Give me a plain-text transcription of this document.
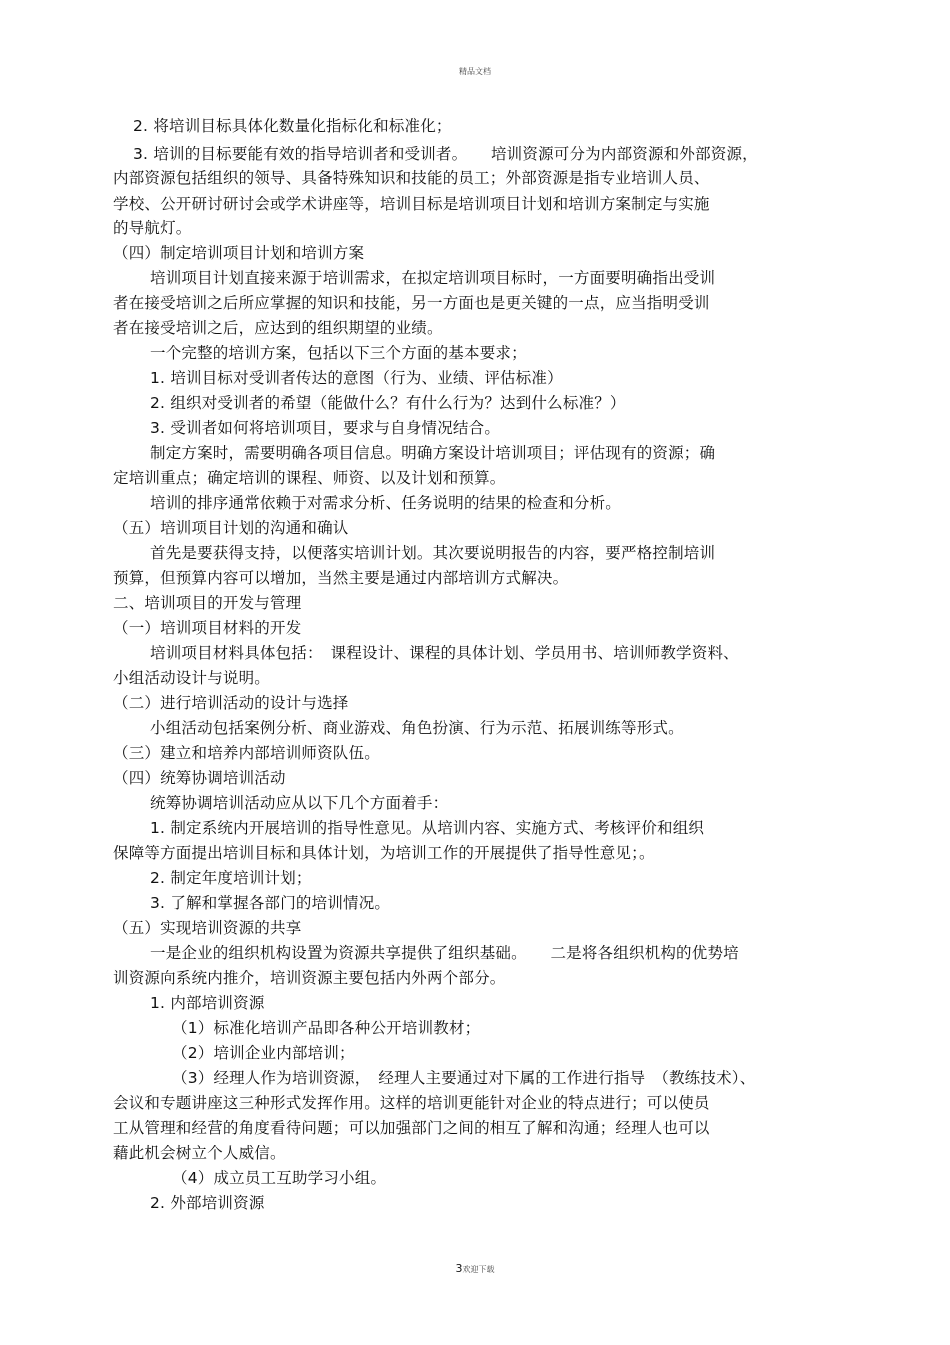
精品文档
2. 将培训目标具体化数量化指标化和标准化；
3. 培训的目标要能有效的指导培训者和受训者。　　培训资源可分为内部资源和外部资源，
内部资源包括组织的领导、具备特殊知识和技能的员工；外部资源是指专业培训人员、
学校、公开研讨研讨会或学术讲座等，培训目标是培训项目计划和培训方案制定与实施
的导航灯。
（四）制定培训项目计划和培训方案
培训项目计划直接来源于培训需求，在拟定培训项目标时，一方面要明确指出受训
者在接受培训之后所应掌握的知识和技能，另一方面也是更关键的一点，应当指明受训
者在接受培训之后，应达到的组织期望的业绩。
一个完整的培训方案，包括以下三个方面的基本要求；
1. 培训目标对受训者传达的意图（行为、业绩、评估标准）
2. 组织对受训者的希望（能做什么？有什么行为？达到什么标准？）
3. 受训者如何将培训项目，要求与自身情况结合。
制定方案时，需要明确各项目信息。明确方案设计培训项目；评估现有的资源；确
定培训重点；确定培训的课程、师资、以及计划和预算。
培训的排序通常依赖于对需求分析、任务说明的结果的检查和分析。
（五）培训项目计划的沟通和确认
首先是要获得支持，以便落实培训计划。其次要说明报告的内容，要严格控制培训
预算，但预算内容可以增加，当然主要是通过内部培训方式解决。
二、培训项目的开发与管理
（一）培训项目材料的开发
培训项目材料具体包括：　课程设计、课程的具体计划、学员用书、培训师教学资料、
小组活动设计与说明。
（二）进行培训活动的设计与选择
小组活动包括案例分析、商业游戏、角色扮演、行为示范、拓展训练等形式。
（三）建立和培养内部培训师资队伍。
（四）统筹协调培训活动
统筹协调培训活动应从以下几个方面着手：
1. 制定系统内开展培训的指导性意见。从培训内容、实施方式、考核评价和组织
保障等方面提出培训目标和具体计划，为培训工作的开展提供了指导性意见；。
2. 制定年度培训计划；
3. 了解和掌握各部门的培训情况。
（五）实现培训资源的共享
一是企业的组织机构设置为资源共享提供了组织基础。　　二是将各组织机构的优势培
训资源向系统内推介，培训资源主要包括内外两个部分。
1. 内部培训资源
（1）标准化培训产品即各种公开培训教材；
（2）培训企业内部培训；
（3）经理人作为培训资源，　经理人主要通过对下属的工作进行指导　（教练技术）、
会议和专题讲座这三种形式发挥作用。这样的培训更能针对企业的特点进行；可以使员
工从管理和经营的角度看待问题；可以加强部门之间的相互了解和沟通；经理人也可以
藉此机会树立个人威信。
（4）成立员工互助学习小组。
2. 外部培训资源
3欢迎下载
